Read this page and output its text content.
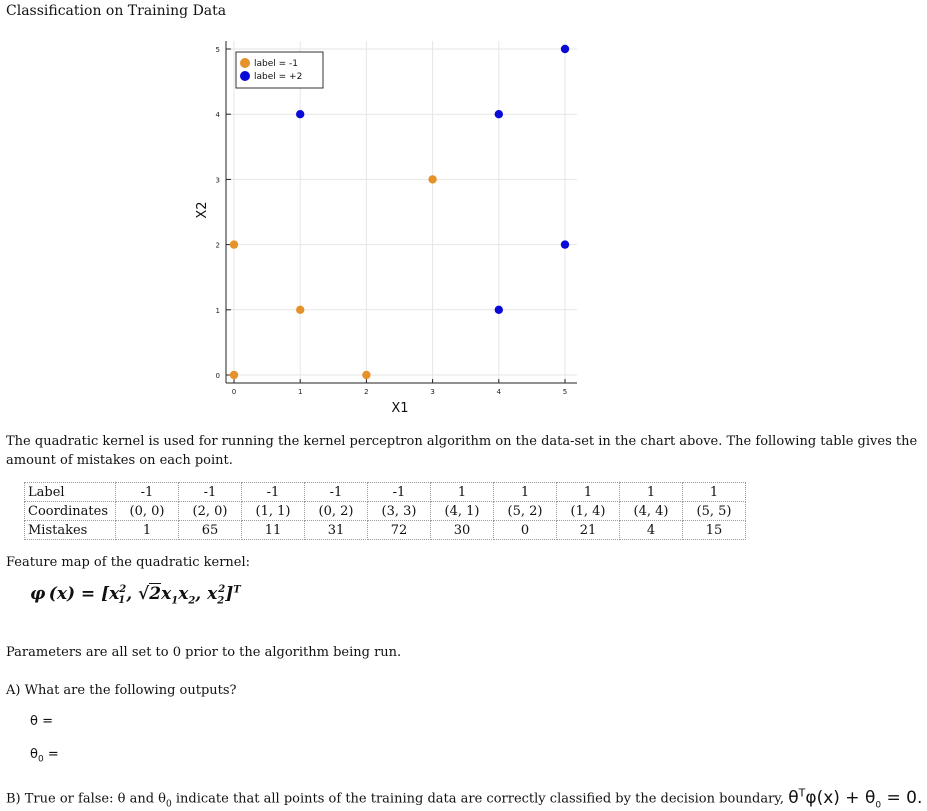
Classification on Training Data
0	1	2	3	4	5
0
1
2
3
4
5
label = -1
label = +2
X1
X2
The quadratic kernel is used for running the kernel perceptron algorithm on the data-set in the chart above. The following table gives the amount of mistakes on each point.
Label	-1	-1	-1	-1	-1	1	1	1	1	1
Coordinates	(0, 0)	(2, 0)	(1, 1)	(0, 2)	(3, 3)	(4, 1)	(5, 2)	(1, 4)	(4, 4)	(5, 5)
Mistakes	1	65	11	31	72	30	0	21	4	15
Feature map of the quadratic kernel:
φ $(x) = [x_1^2$, $√2x_1x_2$, $x_2^2]^T$
Parameters are all set to 0 prior to the algorithm being run.
A) What are the following outputs?
θ =
$\theta_0$ =
B) True or false: θ and $\theta_0$ indicate that all points of the training data are correctly classified by the decision boundary, $\theta^T\varphi(x) + \theta_0 = 0$.
